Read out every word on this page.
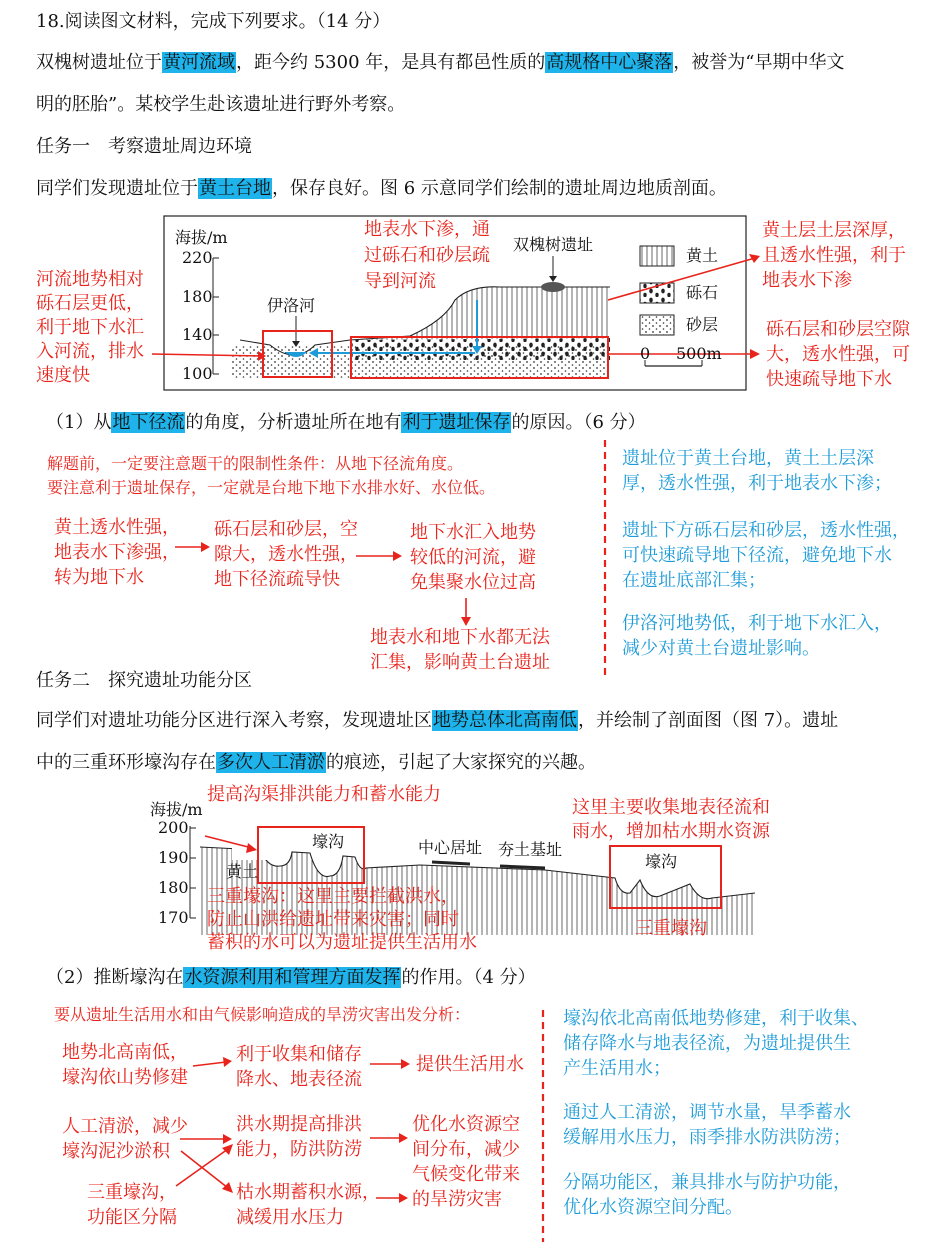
18.阅读图文材料，完成下列要求。（14 分）
双槐树遗址位于黄河流域，距今约 5300 年，是具有都邑性质的高规格中心聚落，被誉为“早期中华文
明的胚胎”。某校学生赴该遗址进行野外考察。
任务一　考察遗址周边环境
同学们发现遗址位于黄土台地，保存良好。图 6 示意同学们绘制的遗址周边地质剖面。
海拔/m
220
180
140
100
伊洛河
双槐树遗址
黄土
砾石
砂层
0 500m
地表水下渗，通
过砾石和砂层疏
导到河流
河流地势相对
砾石层更低，
利于地下水汇
入河流，排水
速度快
黄土层土层深厚，
且透水性强，利于
地表水下渗
砾石层和砂层空隙
大，透水性强，可
快速疏导地下水
（1）从地下径流的角度，分析遗址所在地有利于遗址保存的原因。（6 分）
解题前，一定要注意题干的限制性条件：从地下径流角度。
要注意利于遗址保存，一定就是台地下地下水排水好、水位低。
黄土透水性强，
地表水下渗强，
转为地下水
砾石层和砂层，空
隙大，透水性强，
地下径流疏导快
地下水汇入地势
较低的河流，避
免集聚水位过高
地表水和地下水都无法
汇集，影响黄土台遗址
遗址位于黄土台地，黄土土层深
厚，透水性强，利于地表水下渗；
遗址下方砾石层和砂层，透水性强，
可快速疏导地下径流，避免地下水
在遗址底部汇集；
伊洛河地势低，利于地下水汇入，
减少对黄土台遗址影响。
任务二　探究遗址功能分区
同学们对遗址功能分区进行深入考察，发现遗址区地势总体北高南低，并绘制了剖面图（图 7）。遗址
中的三重环形壕沟存在多次人工清淤的痕迹，引起了大家探究的兴趣。
海拔/m
200
190
180
170
黄土
壕沟
壕沟
中心居址 夯土基址
提高沟渠排洪能力和蓄水能力
这里主要收集地表径流和
雨水，增加枯水期水资源
三重壕沟：这里主要拦截洪水，
防止山洪给遗址带来灾害；同时
蓄积的水可以为遗址提供生活用水
三重壕沟
（2）推断壕沟在水资源利用和管理方面发挥的作用。（4 分）
要从遗址生活用水和由气候影响造成的旱涝灾害出发分析：
地势北高南低，
壕沟依山势修建
利于收集和储存
降水、地表径流
提供生活用水
人工清淤，减少
壕沟泥沙淤积
洪水期提高排洪
能力，防洪防涝
优化水资源空
间分布，减少
气候变化带来
的旱涝灾害
三重壕沟，
功能区分隔
枯水期蓄积水源，
减缓用水压力
壕沟依北高南低地势修建，利于收集、
储存降水与地表径流，为遗址提供生
产生活用水；
通过人工清淤，调节水量，旱季蓄水
缓解用水压力，雨季排水防洪防涝；
分隔功能区，兼具排水与防护功能，
优化水资源空间分配。
